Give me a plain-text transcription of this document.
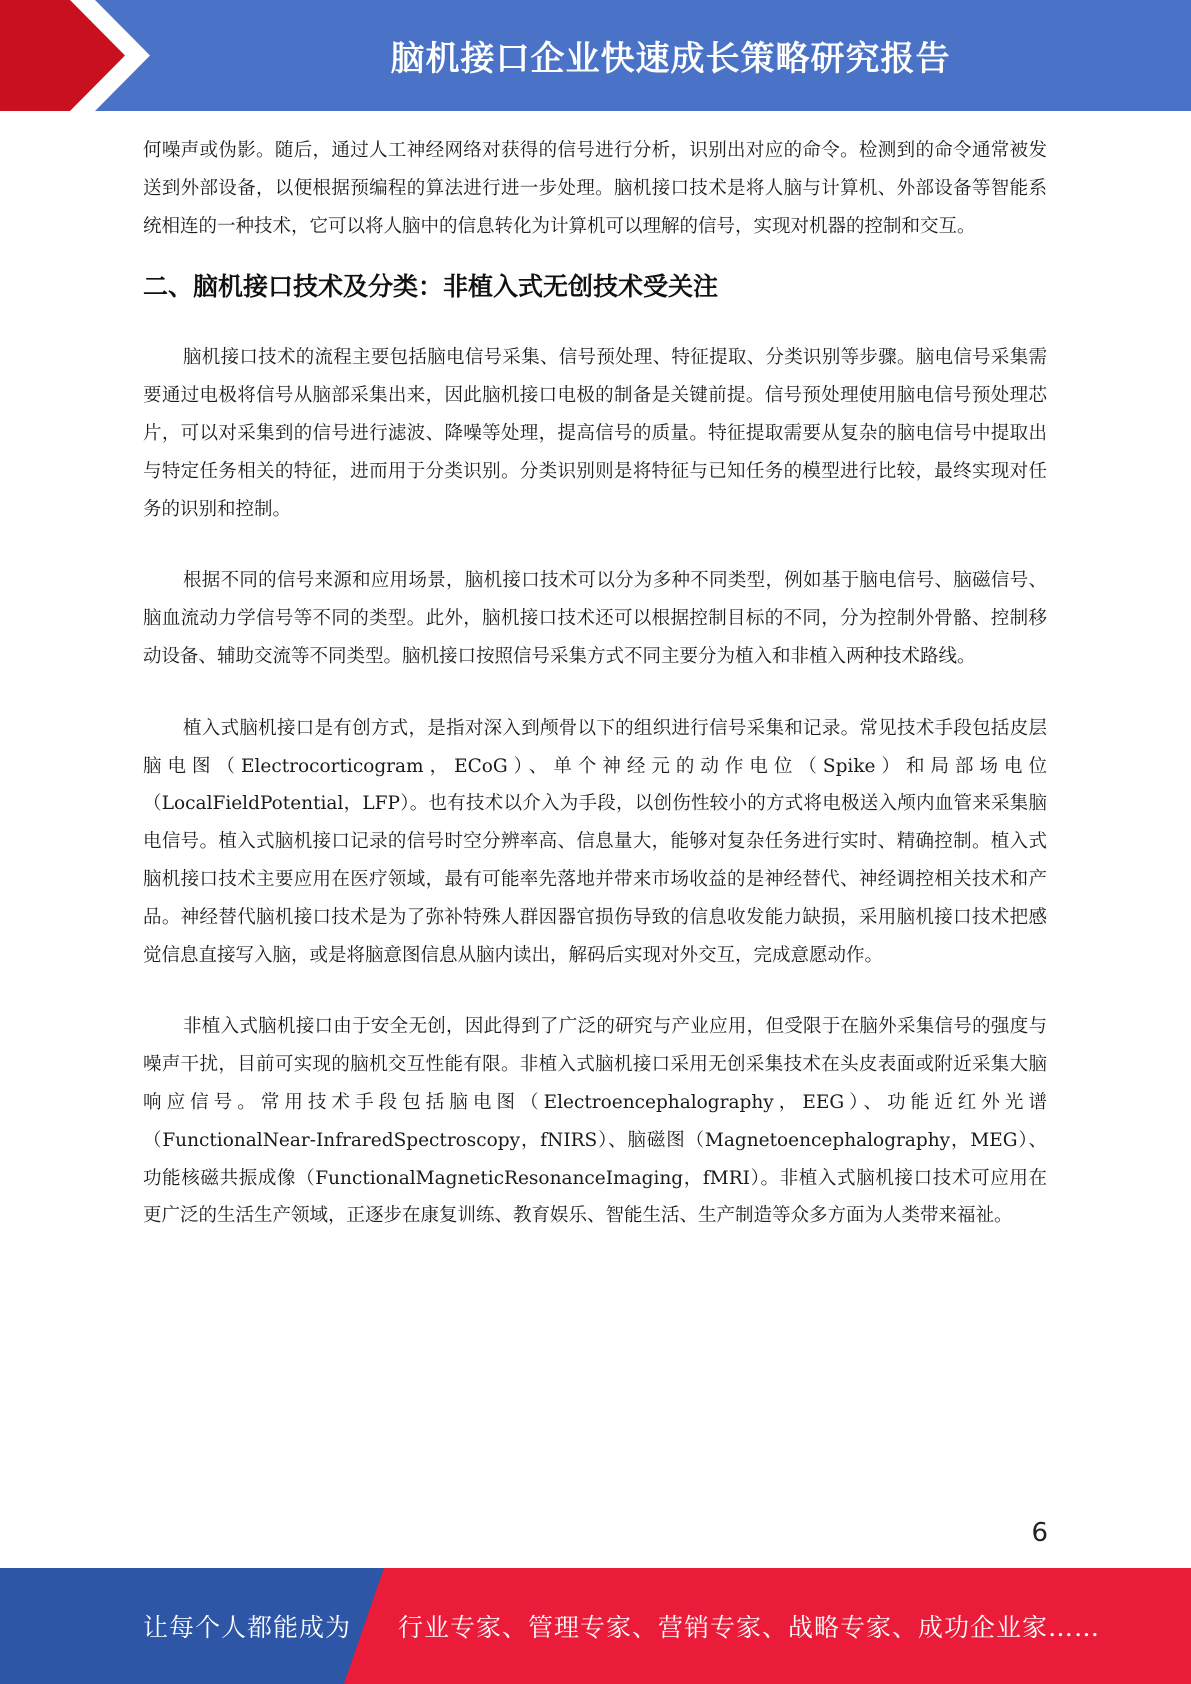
脑机接口企业快速成长策略研究报告

何噪声或伪影。随后，通过人工神经网络对获得的信号进行分析，识别出对应的命令。检测到的命令通常被发送到外部设备，以便根据预编程的算法进行进一步处理。脑机接口技术是将人脑与计算机、外部设备等智能系统相连的一种技术，它可以将人脑中的信息转化为计算机可以理解的信号，实现对机器的控制和交互。

二、脑机接口技术及分类：非植入式无创技术受关注

脑机接口技术的流程主要包括脑电信号采集、信号预处理、特征提取、分类识别等步骤。脑电信号采集需要通过电极将信号从脑部采集出来，因此脑机接口电极的制备是关键前提。信号预处理使用脑电信号预处理芯片，可以对采集到的信号进行滤波、降噪等处理，提高信号的质量。特征提取需要从复杂的脑电信号中提取出与特定任务相关的特征，进而用于分类识别。分类识别则是将特征与已知任务的模型进行比较，最终实现对任务的识别和控制。

根据不同的信号来源和应用场景，脑机接口技术可以分为多种不同类型，例如基于脑电信号、脑磁信号、脑血流动力学信号等不同的类型。此外，脑机接口技术还可以根据控制目标的不同，分为控制外骨骼、控制移动设备、辅助交流等不同类型。脑机接口按照信号采集方式不同主要分为植入和非植入两种技术路线。

植入式脑机接口是有创方式，是指对深入到颅骨以下的组织进行信号采集和记录。常见技术手段包括皮层脑电图（Electrocorticogram，ECoG）、单个神经元的动作电位（Spike）和局部场电位（LocalFieldPotential，LFP）。也有技术以介入为手段，以创伤性较小的方式将电极送入颅内血管来采集脑电信号。植入式脑机接口记录的信号时空分辨率高、信息量大，能够对复杂任务进行实时、精确控制。植入式脑机接口技术主要应用在医疗领域，最有可能率先落地并带来市场收益的是神经替代、神经调控相关技术和产品。神经替代脑机接口技术是为了弥补特殊人群因器官损伤导致的信息收发能力缺损，采用脑机接口技术把感觉信息直接写入脑，或是将脑意图信息从脑内读出，解码后实现对外交互，完成意愿动作。

非植入式脑机接口由于安全无创，因此得到了广泛的研究与产业应用，但受限于在脑外采集信号的强度与噪声干扰，目前可实现的脑机交互性能有限。非植入式脑机接口采用无创采集技术在头皮表面或附近采集大脑响应信号。常用技术手段包括脑电图（Electroencephalography，EEG）、功能近红外光谱（FunctionalNear-InfraredSpectroscopy，fNIRS）、脑磁图（Magnetoencephalography，MEG）、功能核磁共振成像（FunctionalMagneticResonanceImaging，fMRI）。非植入式脑机接口技术可应用在更广泛的生活生产领域，正逐步在康复训练、教育娱乐、智能生活、生产制造等众多方面为人类带来福祉。

6
让每个人都能成为 行业专家、管理专家、营销专家、战略专家、成功企业家……
